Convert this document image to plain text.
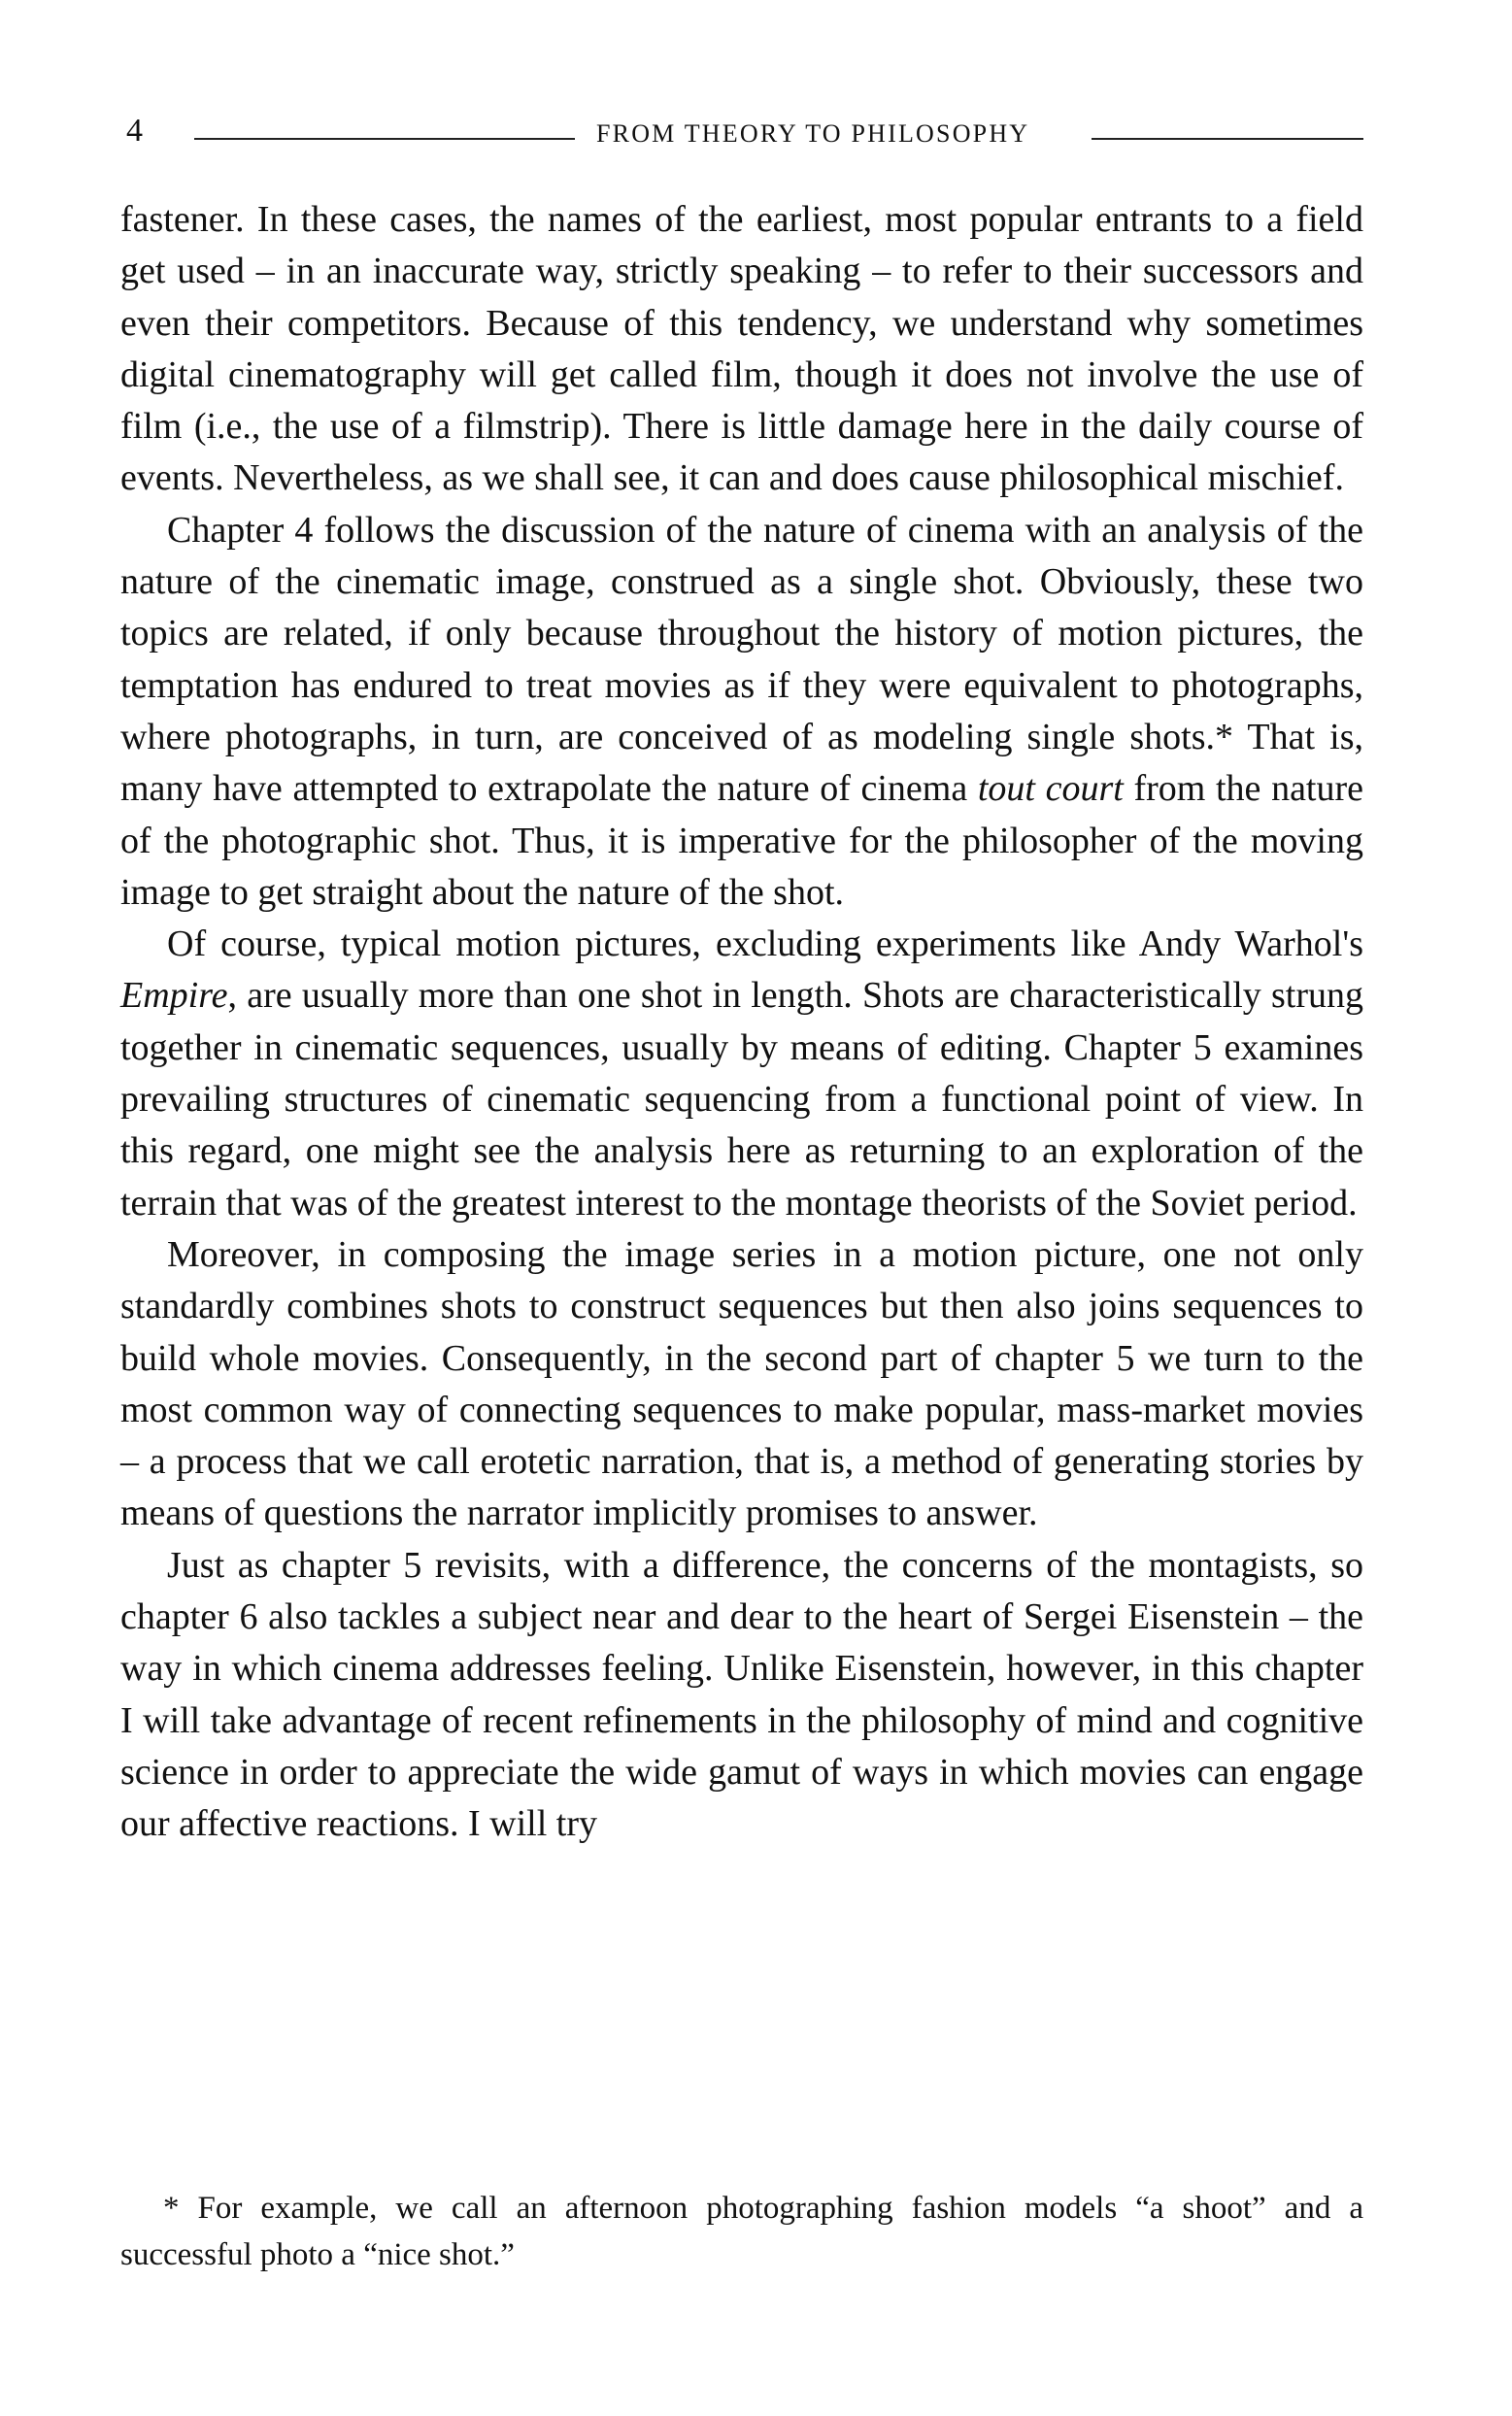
4	FROM THEORY TO PHILOSOPHY

fastener. In these cases, the names of the earliest, most popular entrants to a field get used – in an inaccurate way, strictly speaking – to refer to their successors and even their competitors. Because of this tendency, we understand why sometimes digital cinematography will get called film, though it does not involve the use of film (i.e., the use of a filmstrip). There is little damage here in the daily course of events. Nevertheless, as we shall see, it can and does cause philosophical mischief.

Chapter 4 follows the discussion of the nature of cinema with an analysis of the nature of the cinematic image, construed as a single shot. Obviously, these two topics are related, if only because throughout the history of motion pictures, the temptation has endured to treat movies as if they were equivalent to photographs, where photographs, in turn, are conceived of as modeling single shots.* That is, many have attempted to extrapolate the nature of cinema tout court from the nature of the photographic shot. Thus, it is imperative for the philosopher of the moving image to get straight about the nature of the shot.

Of course, typical motion pictures, excluding experiments like Andy Warhol's Empire, are usually more than one shot in length. Shots are characteristically strung together in cinematic sequences, usually by means of editing. Chapter 5 examines prevailing structures of cinematic sequencing from a functional point of view. In this regard, one might see the analysis here as returning to an exploration of the terrain that was of the greatest interest to the montage theorists of the Soviet period.

Moreover, in composing the image series in a motion picture, one not only standardly combines shots to construct sequences but then also joins sequences to build whole movies. Consequently, in the second part of chapter 5 we turn to the most common way of connecting sequences to make popular, mass-market movies – a process that we call erotetic narration, that is, a method of generating stories by means of questions the narrator implicitly promises to answer.

Just as chapter 5 revisits, with a difference, the concerns of the montagists, so chapter 6 also tackles a subject near and dear to the heart of Sergei Eisenstein – the way in which cinema addresses feeling. Unlike Eisenstein, however, in this chapter I will take advantage of recent refinements in the philosophy of mind and cognitive science in order to appreciate the wide gamut of ways in which movies can engage our affective reactions. I will try

* For example, we call an afternoon photographing fashion models “a shoot” and a successful photo a “nice shot.”
